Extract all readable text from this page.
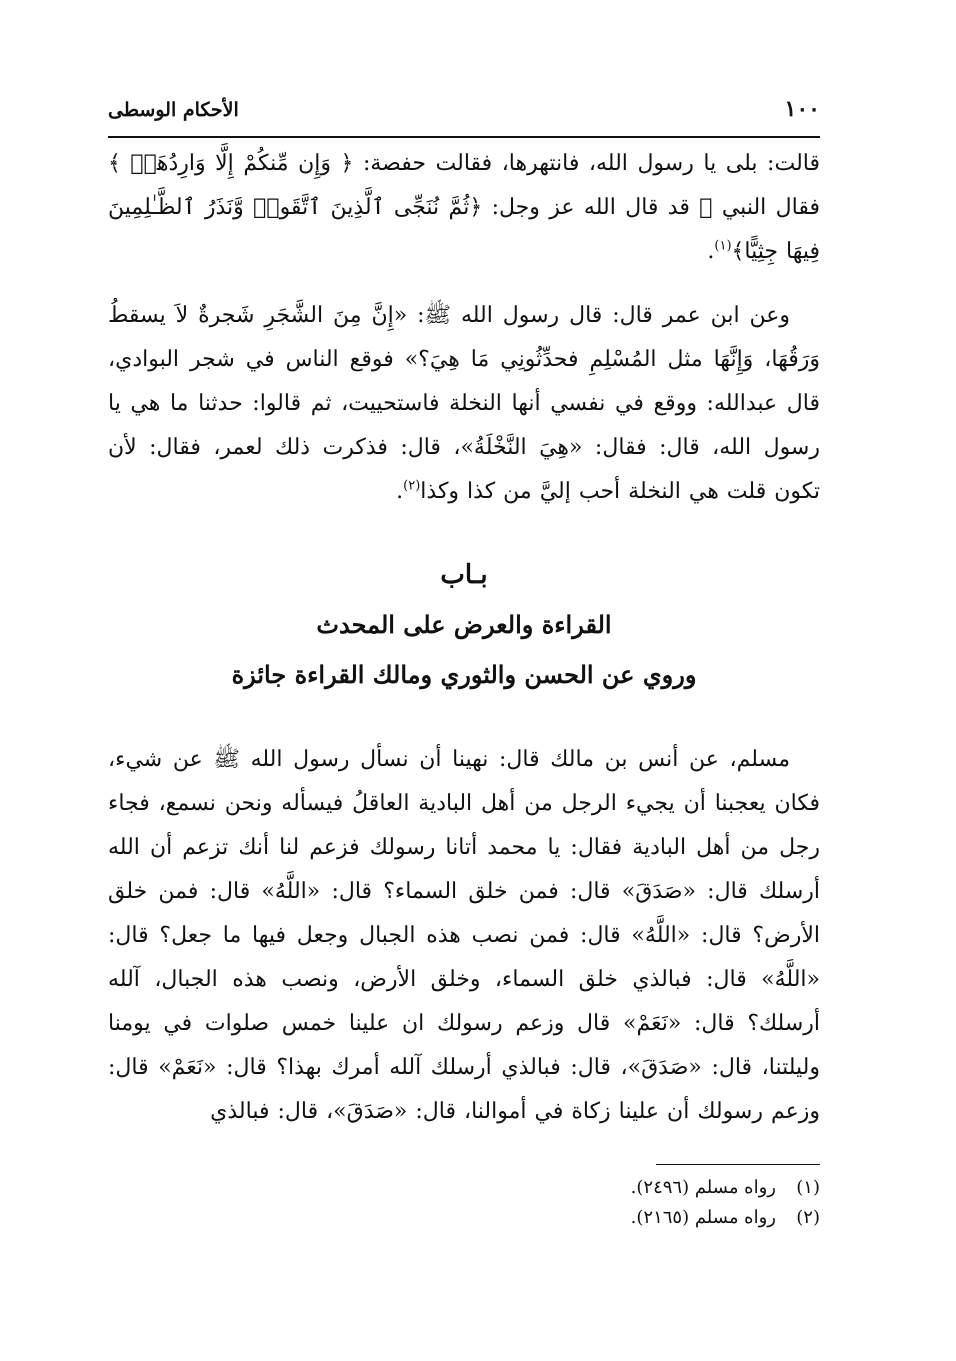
١٠٠
الأحكام الوسطى

قالت: بلى يا رسول الله، فانتهرها، فقالت حفصة: ﴿ وَإِن مِّنكُمْ إِلَّا وَارِدُهَاۚ ﴾ فقال النبي ﷺ قد قال الله عز وجل: ﴿ثُمَّ نُنَجِّى ٱلَّذِينَ ٱتَّقَوا۟ وَّنَذَرُ ٱلظَّـٰلِمِينَ فِيهَا جِثِيًّا﴾$^{(١)}$.

وعن ابن عمر قال: قال رسول الله ﷺ: «إِنَّ مِنَ الشَّجَرِ شَجرةٌ لاَ يسقطُ وَرَقُهَا، وَإِنَّهَا مثل المُسْلِمِ فحدِّثُونِي مَا هِيَ؟» فوقع الناس في شجر البوادي، قال عبدالله: ووقع في نفسي أنها النخلة فاستحييت، ثم قالوا: حدثنا ما هي يا رسول الله، قال: فقال: «هِيَ النَّخْلَةُ»، قال: فذكرت ذلك لعمر، فقال: لأن تكون قلت هي النخلة أحب إليَّ من كذا وكذا$^{(٢)}$.

بـاب
القراءة والعرض على المحدث
وروي عن الحسن والثوري ومالك القراءة جائزة

مسلم، عن أنس بن مالك قال: نهينا أن نسأل رسول الله ﷺ عن شيء، فكان يعجبنا أن يجيء الرجل من أهل البادية العاقلُ فيسأله ونحن نسمع، فجاء رجل من أهل البادية فقال: يا محمد أتانا رسولك فزعم لنا أنك تزعم أن الله أرسلك قال: «صَدَقَ» قال: فمن خلق السماء؟ قال: «اللَّهُ» قال: فمن خلق الأرض؟ قال: «اللَّهُ» قال: فمن نصب هذه الجبال وجعل فيها ما جعل؟ قال: «اللَّهُ» قال: فبالذي خلق السماء، وخلق الأرض، ونصب هذه الجبال، آلله أرسلك؟ قال: «نَعَمْ» قال وزعم رسولك ان علينا خمس صلوات في يومنا وليلتنا، قال: «صَدَقَ»، قال: فبالذي أرسلك آلله أمرك بهذا؟ قال: «نَعَمْ» قال: وزعم رسولك أن علينا زكاة في أموالنا، قال: «صَدَقَ»، قال: فبالذي

(١)
رواه مسلم (٢٤٩٦).
(٢)
رواه مسلم (٢١٦٥).
